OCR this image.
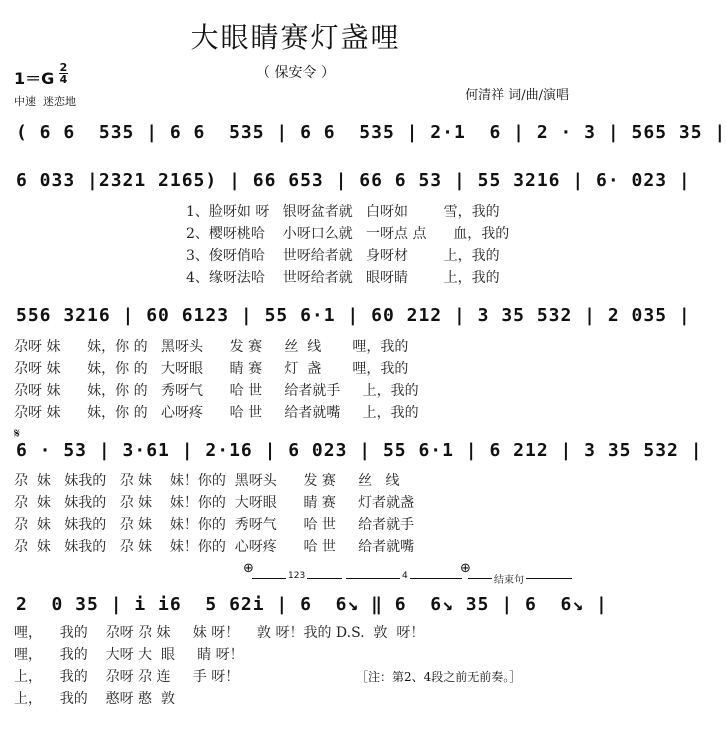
大眼睛赛灯盏哩
（ 保安令 ）
1＝G
2
4
中速  迷恋地	何清祥 词/曲/演唱
( 6 6  535 | 6 6  535 | 6 6  535 | 2·1  6 | 2 · 3 | 565 35 |
6 033 |2321 2165) | 66 653 | 66 6 53 | 55 3216 | 6· 023 |
1、脸呀如 呀   银呀盆者就   白呀如        雪，我的
2、樱呀桃哈    小呀口么就   一呀点 点      血，我的
3、俊呀俏哈    世呀给者就   身呀材        上，我的
4、缘呀法哈    世呀给者就   眼呀睛        上，我的
556 3216 | 60 6123 | 55 6·1 | 60 212 | 3 35 532 | 2 035 |
尕呀 妹      妹，你 的   黑呀头      发 赛     丝  线       哩，我的
尕呀 妹      妹，你 的   大呀眼      睛 赛     灯  盏       哩，我的
尕呀 妹      妹，你 的   秀呀气      哈 世     给者就手     上，我的
尕呀 妹      妹，你 的   心呀疼      哈 世     给者就嘴     上，我的
𝄋
6 · 53 | 3·61 | 2·16 | 6 023 | 55 6·1 | 6 212 | 3 35 532 |
尕  妹   妹我的   尕 妹    妹！你的  黑呀头      发 赛     丝   线
尕  妹   妹我的   尕 妹    妹！你的  大呀眼      睛 赛     灯者就盏
尕  妹   妹我的   尕 妹    妹！你的  秀呀气      哈 世     给者就手
尕  妹   妹我的   尕 妹    妹！你的  心呀疼      哈 世     给者就嘴
⊕	⊕
123	4	结束句
2  0 35 | i i6  5 62i | 6  6↘ ‖ 6  6↘ 35 | 6  6↘ |
哩，    我的    尕呀 尕 妹     妹 呀！    敦 呀！我的 D.S.  敦  呀！
哩，    我的    大呀 大  眼     睛 呀！
上，    我的    尕呀 尕 连     手 呀！
上，    我的    憨呀 憨  敦
［注：第2、4段之前无前奏。］
